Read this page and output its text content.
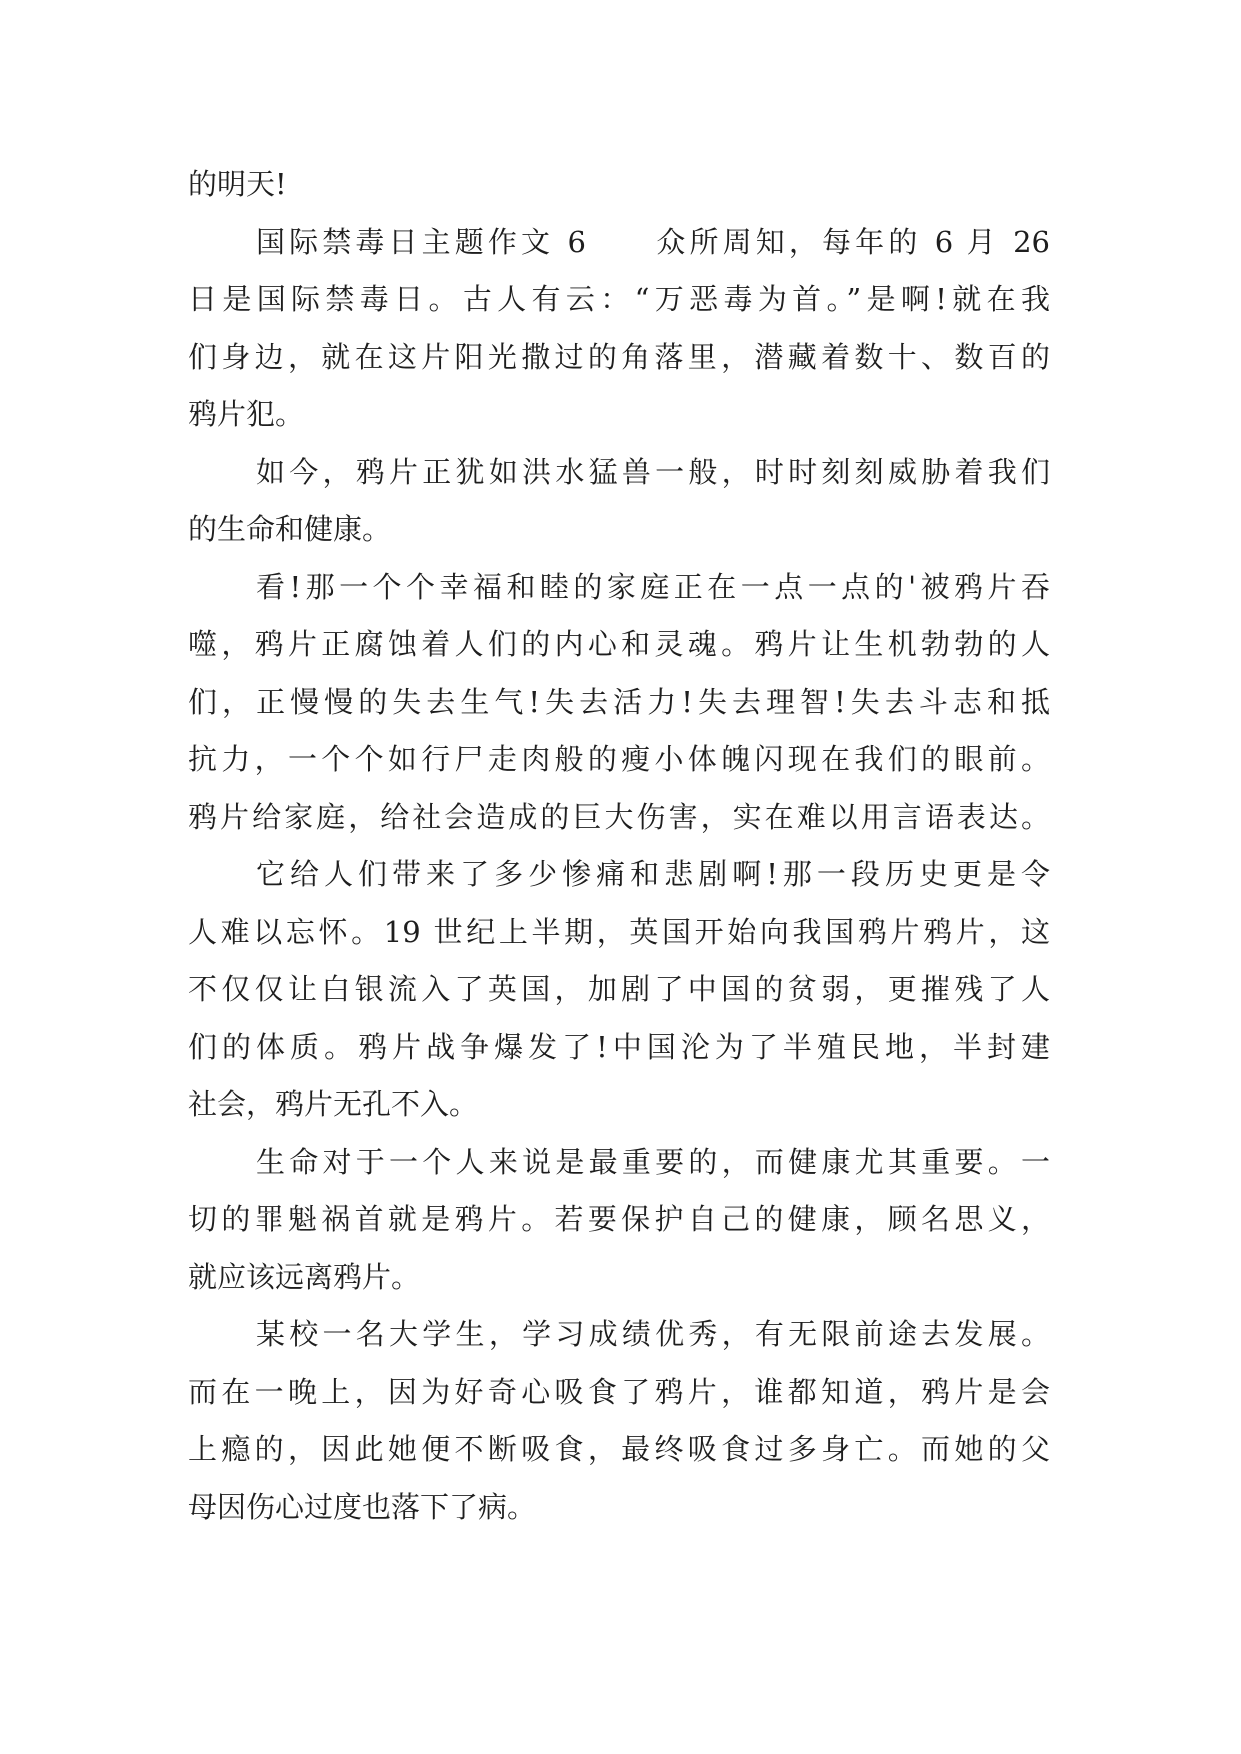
的明天!
国际禁毒日主题作文 6　　众所周知，每年的 6 月 26
日是国际禁毒日。古人有云：“万恶毒为首。”是啊!就在我
们身边，就在这片阳光撒过的角落里，潜藏着数十、数百的
鸦片犯。
如今，鸦片正犹如洪水猛兽一般，时时刻刻威胁着我们
的生命和健康。
看!那一个个幸福和睦的家庭正在一点一点的'被鸦片吞
噬，鸦片正腐蚀着人们的内心和灵魂。鸦片让生机勃勃的人
们，正慢慢的失去生气!失去活力!失去理智!失去斗志和抵
抗力，一个个如行尸走肉般的瘦小体魄闪现在我们的眼前。
鸦片给家庭，给社会造成的巨大伤害，实在难以用言语表达。
它给人们带来了多少惨痛和悲剧啊!那一段历史更是令
人难以忘怀。19 世纪上半期，英国开始向我国鸦片鸦片，这
不仅仅让白银流入了英国，加剧了中国的贫弱，更摧残了人
们的体质。鸦片战争爆发了!中国沦为了半殖民地，半封建
社会，鸦片无孔不入。
生命对于一个人来说是最重要的，而健康尤其重要。一
切的罪魁祸首就是鸦片。若要保护自己的健康，顾名思义，
就应该远离鸦片。
某校一名大学生，学习成绩优秀，有无限前途去发展。
而在一晚上，因为好奇心吸食了鸦片，谁都知道，鸦片是会
上瘾的，因此她便不断吸食，最终吸食过多身亡。而她的父
母因伤心过度也落下了病。
